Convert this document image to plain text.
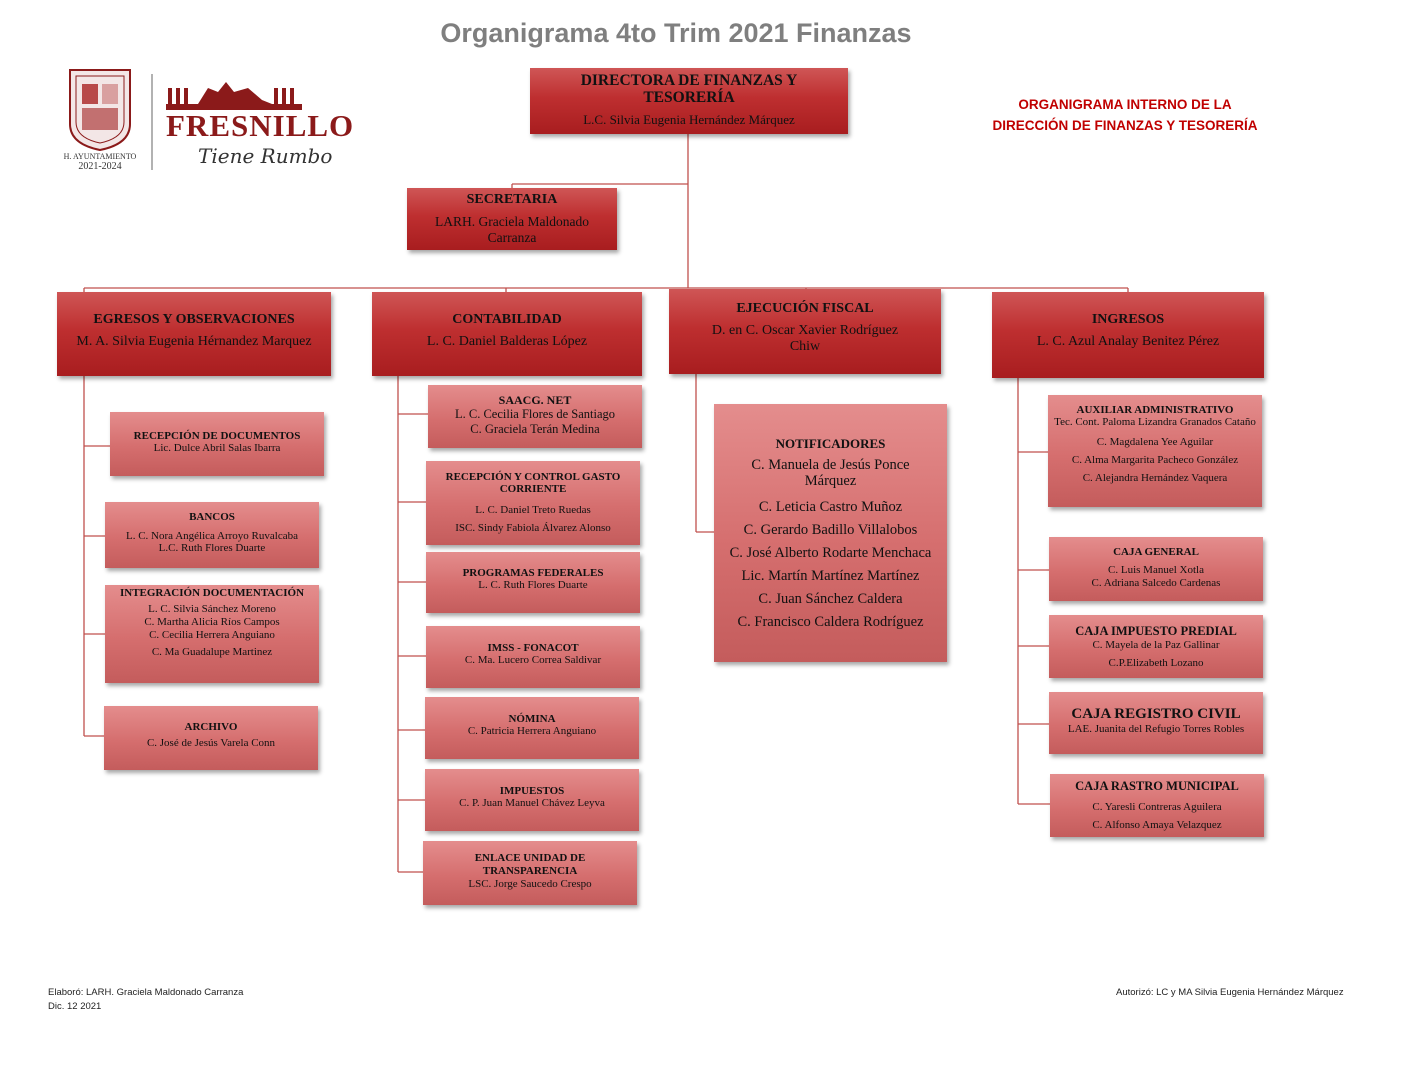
Organigrama 4to Trim 2021 Finanzas
H. AYUNTAMIENTO
2021-2024
FRESNILLO
Tiene Rumbo
ORGANIGRAMA INTERNO DE LA
DIRECCIÓN DE FINANZAS Y TESORERÍA
DIRECTORA DE FINANZAS Y TESORERÍA
L.C. Silvia Eugenia Hernández Márquez
SECRETARIA
LARH. Graciela Maldonado Carranza
EGRESOS Y OBSERVACIONES
M. A. Silvia Eugenia Hérnandez Marquez
CONTABILIDAD
L. C. Daniel Balderas López
EJECUCIÓN FISCAL
D. en C. Oscar Xavier Rodríguez Chiw
INGRESOS
L. C. Azul Analay Benitez Pérez
RECEPCIÓN DE DOCUMENTOS
Lic. Dulce Abril Salas Ibarra
BANCOS
L. C. Nora Angélica Arroyo Ruvalcaba
L.C. Ruth Flores Duarte
INTEGRACIÓN DOCUMENTACIÓN
L. C. Silvia Sánchez Moreno
C. Martha Alicia Ríos Campos
C. Cecilia Herrera Anguiano
C. Ma Guadalupe Martinez
ARCHIVO
C. José de Jesús Varela Conn
SAACG. NET
L. C. Cecilia Flores de Santiago
C. Graciela Terán Medina
RECEPCIÓN Y CONTROL GASTO CORRIENTE
L. C. Daniel Treto Ruedas
ISC. Sindy Fabiola Álvarez Alonso
PROGRAMAS FEDERALES
L. C. Ruth Flores Duarte
IMSS - FONACOT
C. Ma. Lucero Correa Saldivar
NÓMINA
C. Patricia Herrera Anguiano
IMPUESTOS
C. P. Juan Manuel Chávez Leyva
ENLACE UNIDAD DE TRANSPARENCIA
LSC. Jorge Saucedo Crespo
NOTIFICADORES
C. Manuela de Jesús Ponce Márquez
C. Leticia Castro Muñoz
C. Gerardo Badillo Villalobos
C. José Alberto Rodarte Menchaca
Lic. Martín Martínez Martínez
C. Juan Sánchez Caldera
C. Francisco Caldera Rodríguez
AUXILIAR ADMINISTRATIVO
Tec. Cont. Paloma Lizandra Granados Cataño
C. Magdalena Yee Aguilar
C. Alma Margarita Pacheco González
C. Alejandra Hernández Vaquera
CAJA GENERAL
C. Luis Manuel Xotla
C. Adriana Salcedo Cardenas
CAJA IMPUESTO PREDIAL
C. Mayela de la Paz Gallinar
C.P.Elizabeth Lozano
CAJA REGISTRO CIVIL
LAE. Juanita del Refugio Torres Robles
CAJA RASTRO MUNICIPAL
C. Yaresli Contreras Aguilera
C. Alfonso Amaya Velazquez
Elaboró: LARH. Graciela Maldonado Carranza
Dic. 12 2021
Autorizó: LC y MA Silvia Eugenia Hernández Márquez
